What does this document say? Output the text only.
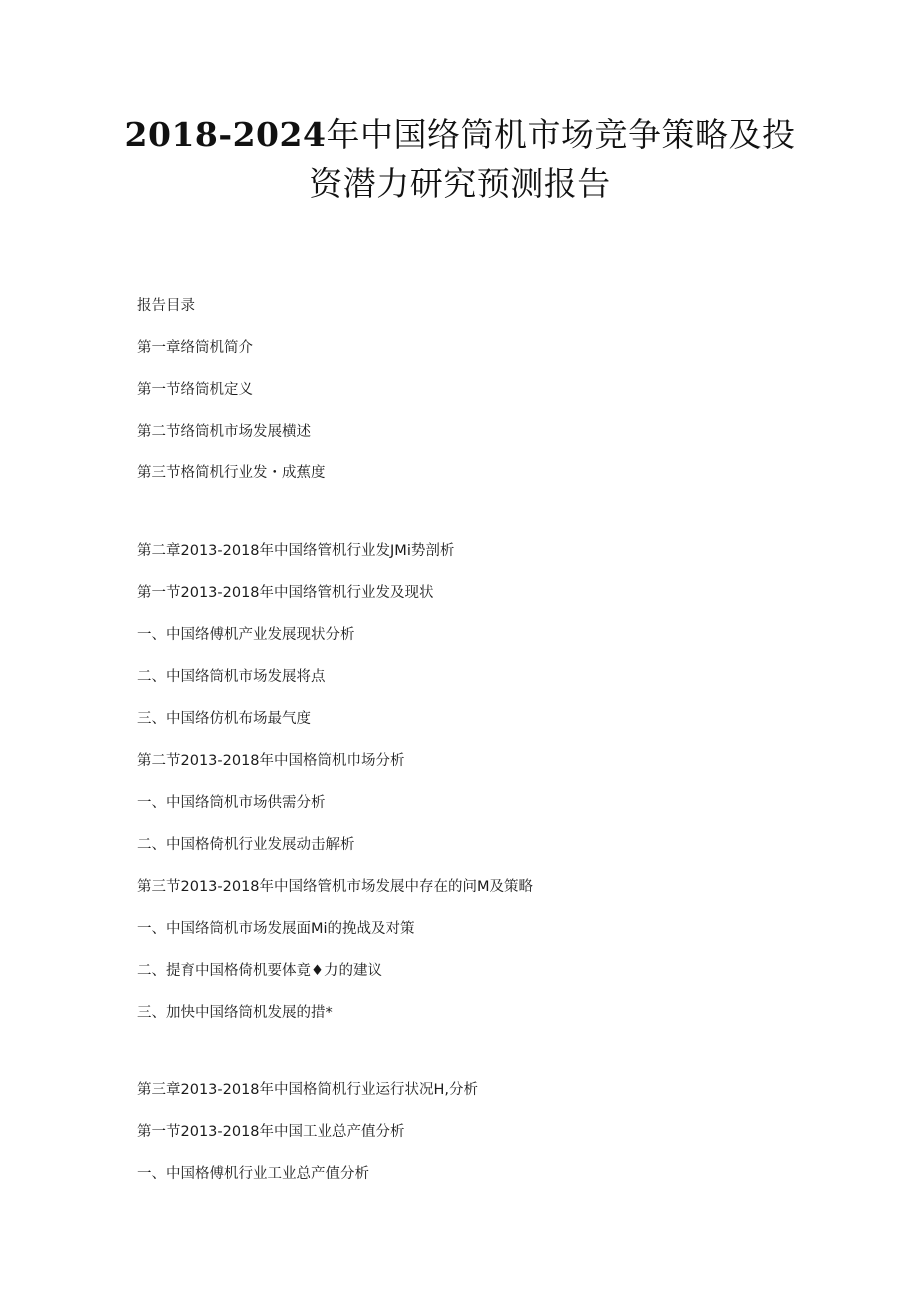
2018-2024年中国络筒机市场竞争策略及投
资潜力研究预测报告
报告目录
第一章络筒机简介
第一节络筒机定义
第二节络筒机市场发展横述
第三节格简机行业发・成蕉度
第二章2013-2018年中国络管机行业发JMi势剖析
第一节2013-2018年中国络管机行业发及现状
一、中国络傅机产业发展现状分析
二、中国络筒机市场发展将点
三、中国络仿机布场最气度
第二节2013-2018年中国格筒机巾场分析
一、中国络筒机市场供需分析
二、中国格倚机行业发展动击解析
第三节2013-2018年中国络管机市场发展中存在的问M及策略
一、中国络筒机市场发展面Mi的挽战及对策
二、提育中国格倚机要体竟♦力的建议
三、加快中国络筒机发展的措*
第三章2013-2018年中国格简机行业运行状况H,分析
第一节2013-2018年中国工业总产值分析
一、中国格傅机行业工业总产值分析
